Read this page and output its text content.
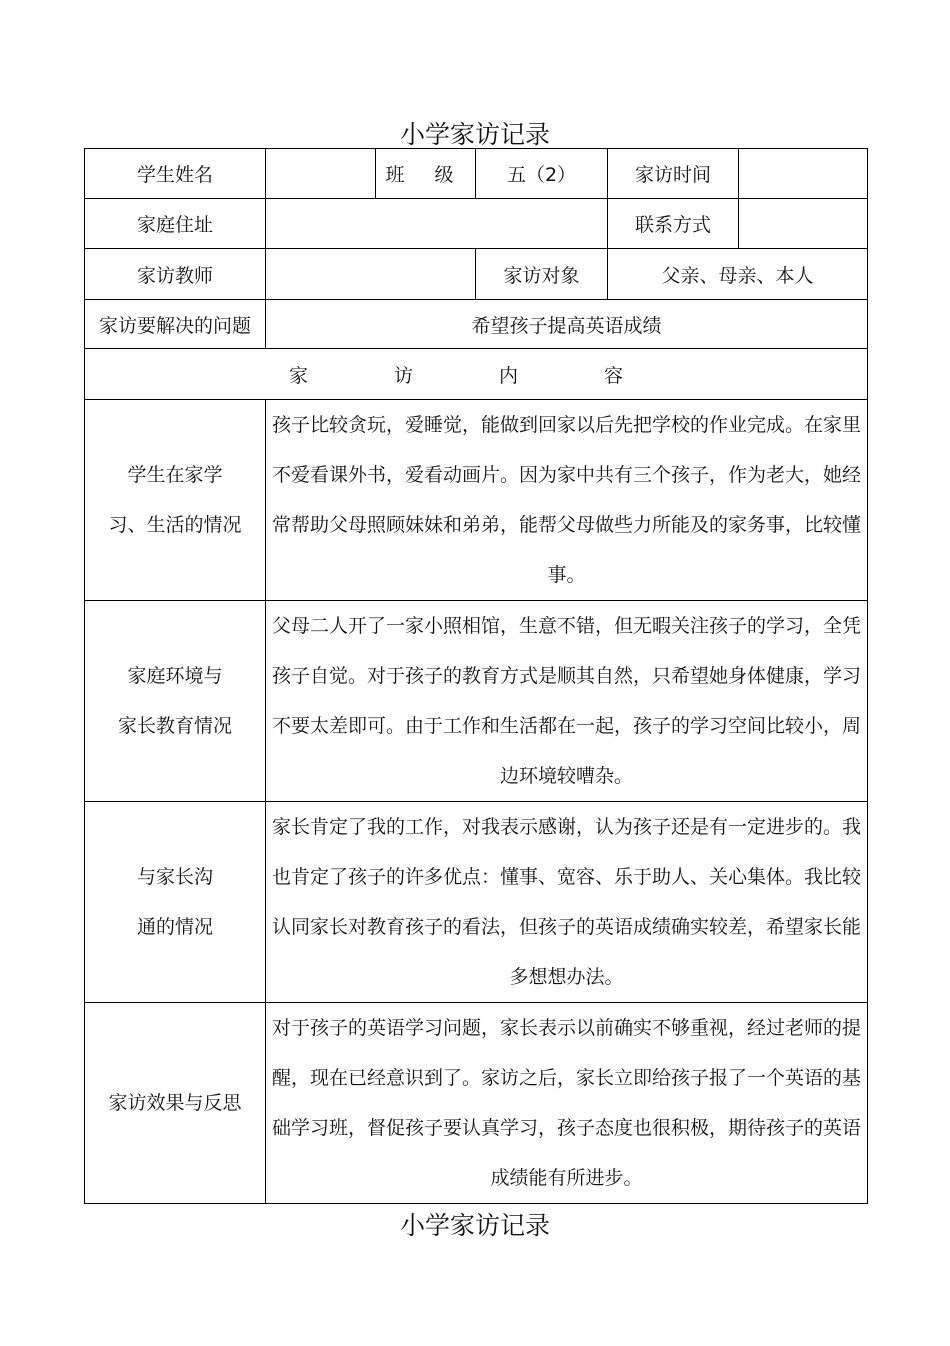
小学家访记录
学生姓名		班 级	五（2）	家访时间	
家庭住址				联系方式	
家访教师			家访对象	父亲、母亲、本人	
家访要解决的问题	希望孩子提高英语成绩				
家 访 内 容					

学生在家学
习、生活的情况	孩子比较贪玩，爱睡觉，能做到回家以后先把学校的作业完成。在家里不爱看课外书，爱看动画片。因为家中共有三个孩子，作为老大，她经常帮助父母照顾妹妹和弟弟，能帮父母做些力所能及的家务事，比较懂事。				

家庭环境与
家长教育情况	父母二人开了一家小照相馆，生意不错，但无暇关注孩子的学习，全凭孩子自觉。对于孩子的教育方式是顺其自然，只希望她身体健康，学习不要太差即可。由于工作和生活都在一起，孩子的学习空间比较小，周边环境较嘈杂。				

与家长沟
通的情况	家长肯定了我的工作，对我表示感谢，认为孩子还是有一定进步的。我也肯定了孩子的许多优点：懂事、宽容、乐于助人、关心集体。我比较认同家长对教育孩子的看法，但孩子的英语成绩确实较差，希望家长能多想想办法。				

家访效果与反思	对于孩子的英语学习问题，家长表示以前确实不够重视，经过老师的提醒，现在已经意识到了。家访之后，家长立即给孩子报了一个英语的基础学习班，督促孩子要认真学习，孩子态度也很积极，期待孩子的英语成绩能有所进步。				
小学家访记录
